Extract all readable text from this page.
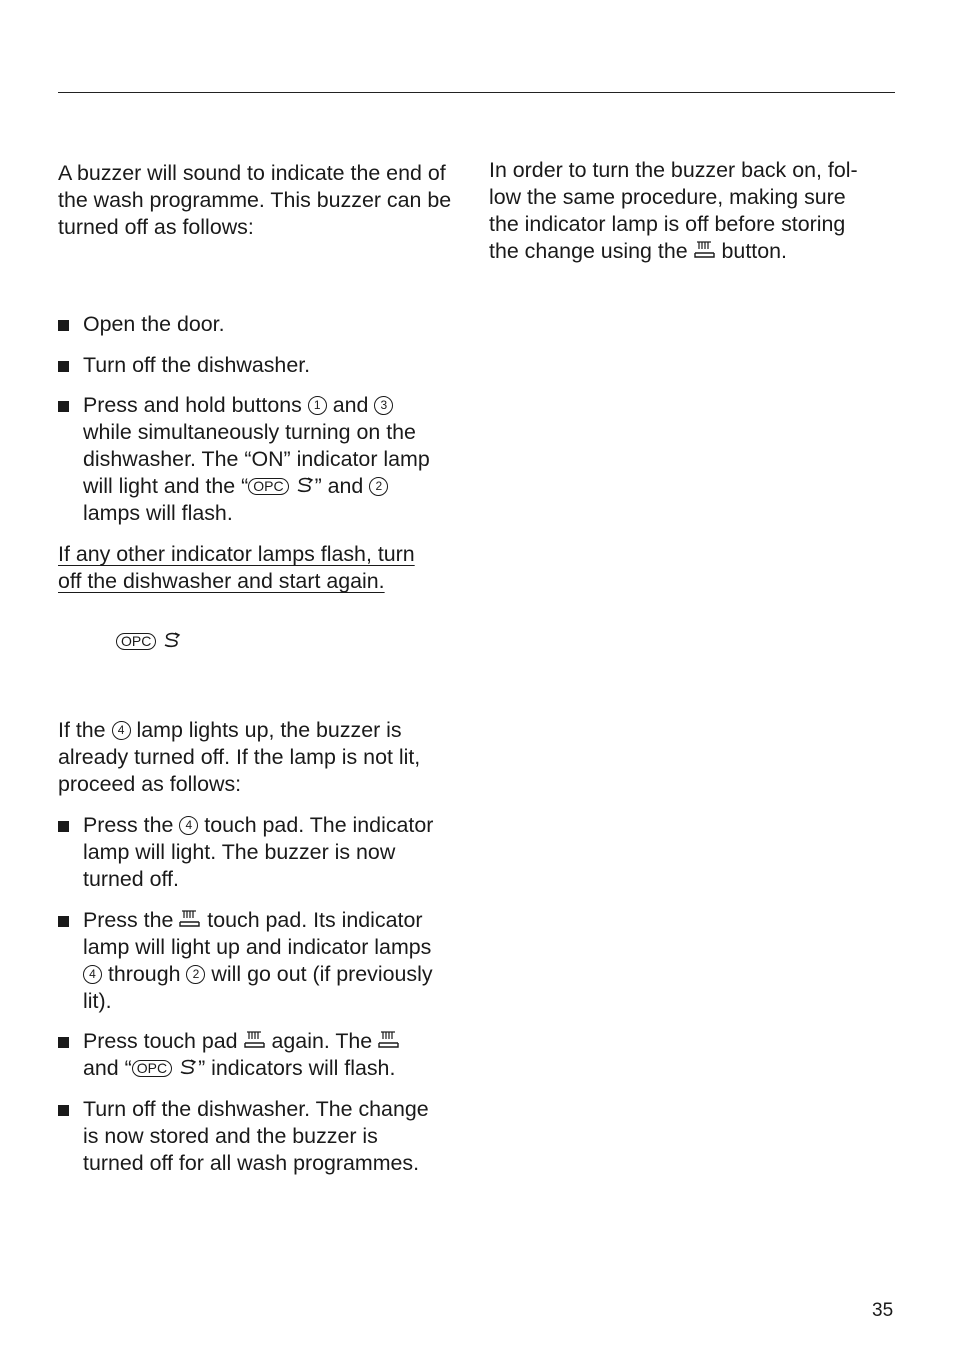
A buzzer will sound to indicate the end of the wash programme. This buzzer can be turned off as follows:

Open the door.
Turn off the dishwasher.
Press and hold buttons 1 and 3
while simultaneously turning on the
dishwasher. The “ON” indicator lamp
will light and the “ OPC ” and 2
lamps will flash.
If any other indicator lamps flash, turn
off the dishwasher and start again.
OPC
If the 4 lamp lights up, the buzzer is
already turned off. If the lamp is not lit,
proceed as follows:
Press the 4 touch pad. The indicator
lamp will light. The buzzer is now
turned off.
Press the touch pad. Its indicator
lamp will light up and indicator lamps
4 through 2 will go out (if previously
lit).
Press touch pad again. The
and “ OPC ” indicators will flash.
Turn off the dishwasher. The change
is now stored and the buzzer is
turned off for all wash programmes.
In order to turn the buzzer back on, fol-
low the same procedure, making sure
the indicator lamp is off before storing
the change using the button.
35
